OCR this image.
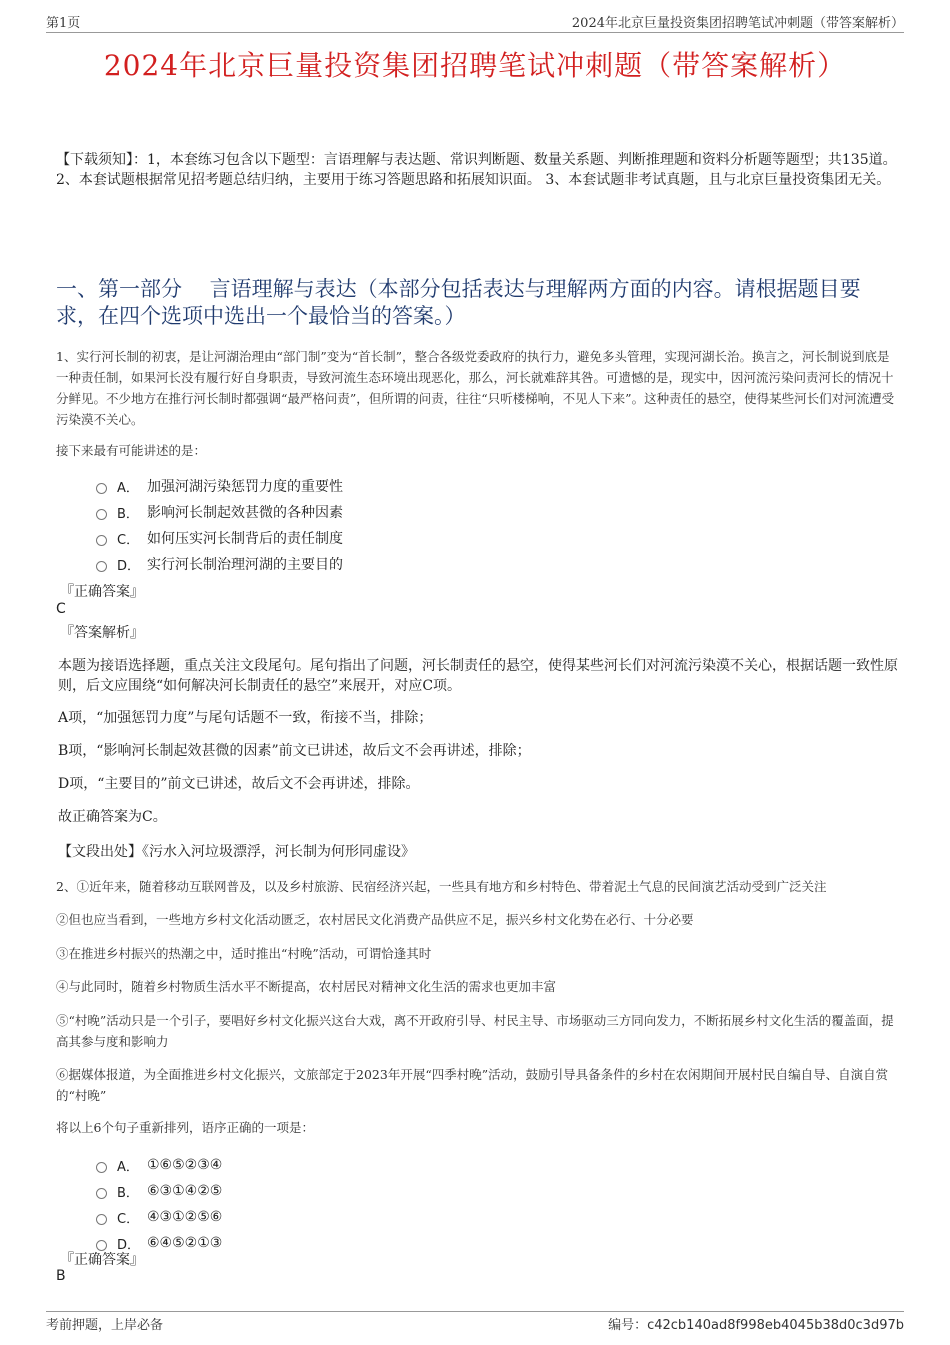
第1页	2024年北京巨量投资集团招聘笔试冲刺题（带答案解析）
2024年北京巨量投资集团招聘笔试冲刺题（带答案解析）
【下载须知】：1，本套练习包含以下题型：言语理解与表达题、常识判断题、数量关系题、判断推理题和资料分析题等题型；共135道。 2、本套试题根据常见招考题总结归纳，主要用于练习答题思路和拓展知识面。 3、本套试题非考试真题，且与北京巨量投资集团无关。
一、第一部分　 言语理解与表达（本部分包括表达与理解两方面的内容。请根据题目要求，在四个选项中选出一个最恰当的答案。）
1、实行河长制的初衷，是让河湖治理由“部门制”变为“首长制”，整合各级党委政府的执行力，避免多头管理，实现河湖长治。换言之，河长制说到底是一种责任制，如果河长没有履行好自身职责，导致河流生态环境出现恶化，那么，河长就难辞其咎。可遗憾的是，现实中，因河流污染问责河长的情况十分鲜见。不少地方在推行河长制时都强调“最严格问责”，但所谓的问责，往往“只听楼梯响，不见人下来”。这种责任的悬空，使得某些河长们对河流遭受污染漠不关心。
接下来最有可能讲述的是：
A． 加强河湖污染惩罚力度的重要性
B． 影响河长制起效甚微的各种因素
C． 如何压实河长制背后的责任制度
D． 实行河长制治理河湖的主要目的
『正确答案』
C
『答案解析』
本题为接语选择题，重点关注文段尾句。尾句指出了问题，河长制责任的悬空，使得某些河长们对河流污染漠不关心，根据话题一致性原则，后文应围绕“如何解决河长制责任的悬空”来展开，对应C项。
A项，“加强惩罚力度”与尾句话题不一致，衔接不当，排除；
B项，“影响河长制起效甚微的因素”前文已讲述，故后文不会再讲述，排除；
D项，“主要目的”前文已讲述，故后文不会再讲述，排除。
故正确答案为C。
【文段出处】《污水入河垃圾漂浮，河长制为何形同虚设》
2、①近年来，随着移动互联网普及，以及乡村旅游、民宿经济兴起，一些具有地方和乡村特色、带着泥土气息的民间演艺活动受到广泛关注
②但也应当看到，一些地方乡村文化活动匮乏，农村居民文化消费产品供应不足，振兴乡村文化势在必行、十分必要
③在推进乡村振兴的热潮之中，适时推出“村晚”活动，可谓恰逢其时
④与此同时，随着乡村物质生活水平不断提高，农村居民对精神文化生活的需求也更加丰富
⑤“村晚”活动只是一个引子，要唱好乡村文化振兴这台大戏，离不开政府引导、村民主导、市场驱动三方同向发力，不断拓展乡村文化生活的覆盖面，提高其参与度和影响力
⑥据媒体报道，为全面推进乡村文化振兴，文旅部定于2023年开展“四季村晚”活动，鼓励引导具备条件的乡村在农闲期间开展村民自编自导、自演自赏的“村晚”
将以上6个句子重新排列，语序正确的一项是：
A． ①⑥⑤②③④
B． ⑥③①④②⑤
C． ④③①②⑤⑥
D． ⑥④⑤②①③
『正确答案』
B
考前押题，上岸必备	编号：c42cb140ad8f998eb4045b38d0c3d97b
